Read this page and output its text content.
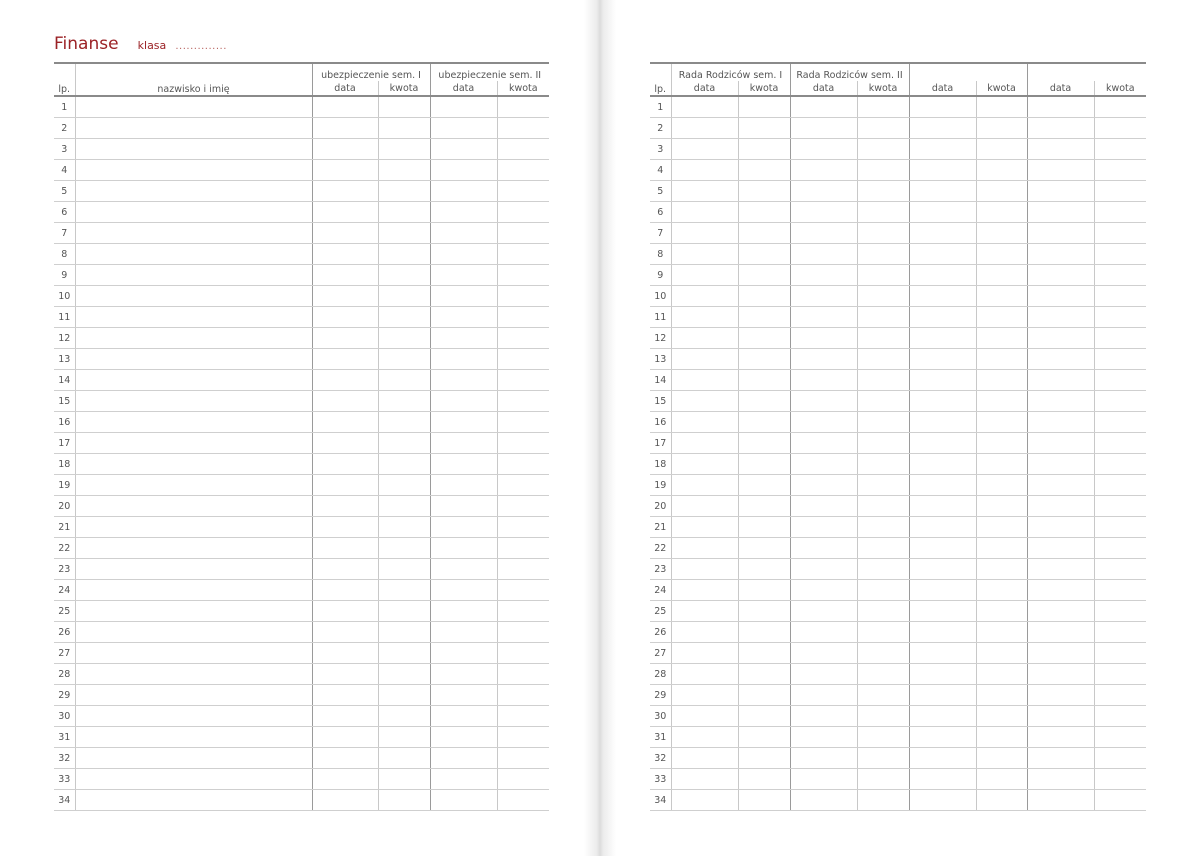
Finanse klasa ..............
lp.	nazwisko i imię	ubezpieczenie sem. I		ubezpieczenie sem. II	
		data	kwota	data	kwota
1					
2					
3					
4					
5					
6					
7					
8					
9					
10					
11					
12					
13					
14					
15					
16					
17					
18					
19					
20					
21					
22					
23					
24					
25					
26					
27					
28					
29					
30					
31					
32					
33					
34					
lp.	Rada Rodziców sem. I		Rada Rodziców sem. II					
	data	kwota	data	kwota	data	kwota	data	kwota
1								
2								
3								
4								
5								
6								
7								
8								
9								
10								
11								
12								
13								
14								
15								
16								
17								
18								
19								
20								
21								
22								
23								
24								
25								
26								
27								
28								
29								
30								
31								
32								
33								
34								
